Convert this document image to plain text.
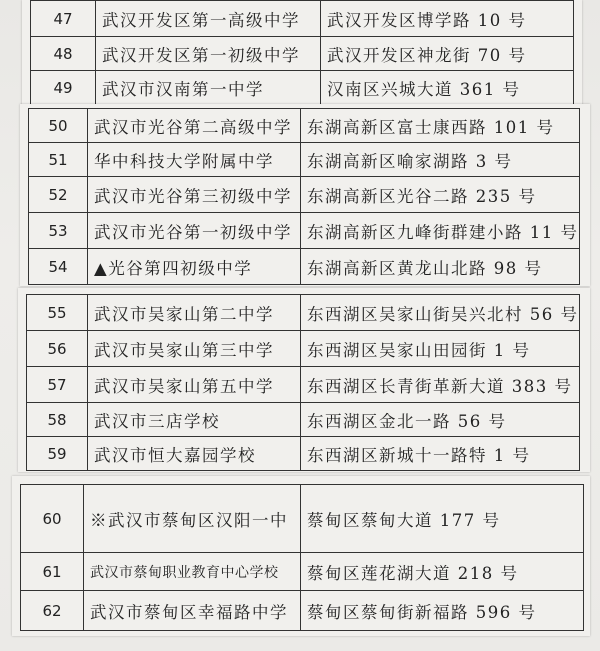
47	武汉开发区第一高级中学	武汉开发区博学路 10 号
48	武汉开发区第一初级中学	武汉开发区神龙街 70 号
49	武汉市汉南第一中学	汉南区兴城大道 361 号
50	武汉市光谷第二高级中学	东湖高新区富士康西路 101 号
51	华中科技大学附属中学	东湖高新区喻家湖路 3 号
52	武汉市光谷第三初级中学	东湖高新区光谷二路 235 号
53	武汉市光谷第一初级中学	东湖高新区九峰街群建小路 11 号
54	▲光谷第四初级中学	东湖高新区黄龙山北路 98 号
55	武汉市吴家山第二中学	东西湖区吴家山街吴兴北村 56 号
56	武汉市吴家山第三中学	东西湖区吴家山田园街 1 号
57	武汉市吴家山第五中学	东西湖区长青街革新大道 383 号
58	武汉市三店学校	东西湖区金北一路 56 号
59	武汉市恒大嘉园学校	东西湖区新城十一路特 1 号
60	※武汉市蔡甸区汉阳一中	蔡甸区蔡甸大道 177 号
61	武汉市蔡甸职业教育中心学校	蔡甸区莲花湖大道 218 号
62	武汉市蔡甸区幸福路中学	蔡甸区蔡甸街新福路 596 号
